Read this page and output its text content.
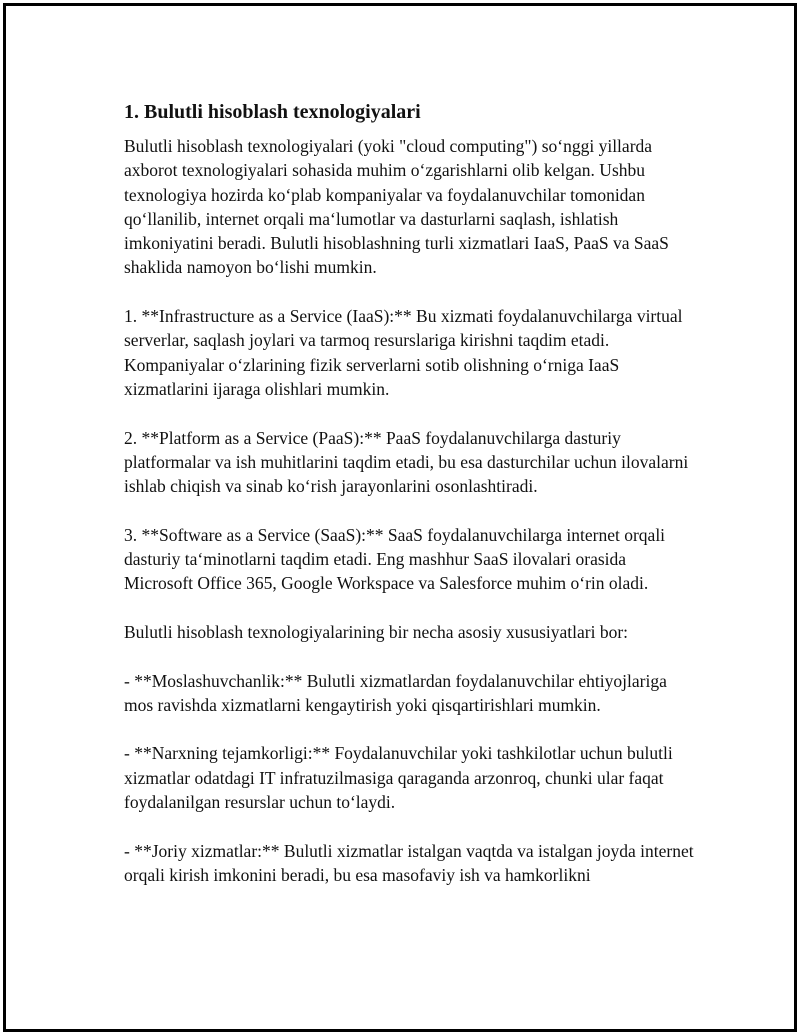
1. Bulutli hisoblash texnologiyalari

Bulutli hisoblash texnologiyalari (yoki "cloud computing") so‘nggi yillarda axborot texnologiyalari sohasida muhim o‘zgarishlarni olib kelgan. Ushbu texnologiya hozirda ko‘plab kompaniyalar va foydalanuvchilar tomonidan qo‘llanilib, internet orqali ma‘lumotlar va dasturlarni saqlash, ishlatish imkoniyatini beradi. Bulutli hisoblashning turli xizmatlari IaaS, PaaS va SaaS shaklida namoyon bo‘lishi mumkin.

1. **Infrastructure as a Service (IaaS):** Bu xizmati foydalanuvchilarga virtual serverlar, saqlash joylari va tarmoq resurslariga kirishni taqdim etadi. Kompaniyalar o‘zlarining fizik serverlarni sotib olishning o‘rniga IaaS xizmatlarini ijaraga olishlari mumkin.

2. **Platform as a Service (PaaS):** PaaS foydalanuvchilarga dasturiy platformalar va ish muhitlarini taqdim etadi, bu esa dasturchilar uchun ilovalarni ishlab chiqish va sinab ko‘rish jarayonlarini osonlashtiradi.

3. **Software as a Service (SaaS):** SaaS foydalanuvchilarga internet orqali dasturiy ta‘minotlarni taqdim etadi. Eng mashhur SaaS ilovalari orasida Microsoft Office 365, Google Workspace va Salesforce muhim o‘rin oladi.

Bulutli hisoblash texnologiyalarining bir necha asosiy xususiyatlari bor:

- **Moslashuvchanlik:** Bulutli xizmatlardan foydalanuvchilar ehtiyojlariga mos ravishda xizmatlarni kengaytirish yoki qisqartirishlari mumkin.

- **Narxning tejamkorligi:** Foydalanuvchilar yoki tashkilotlar uchun bulutli xizmatlar odatdagi IT infratuzilmasiga qaraganda arzonroq, chunki ular faqat foydalanilgan resurslar uchun to‘laydi.

- **Joriy xizmatlar:** Bulutli xizmatlar istalgan vaqtda va istalgan joyda internet orqali kirish imkonini beradi, bu esa masofaviy ish va hamkorlikni
